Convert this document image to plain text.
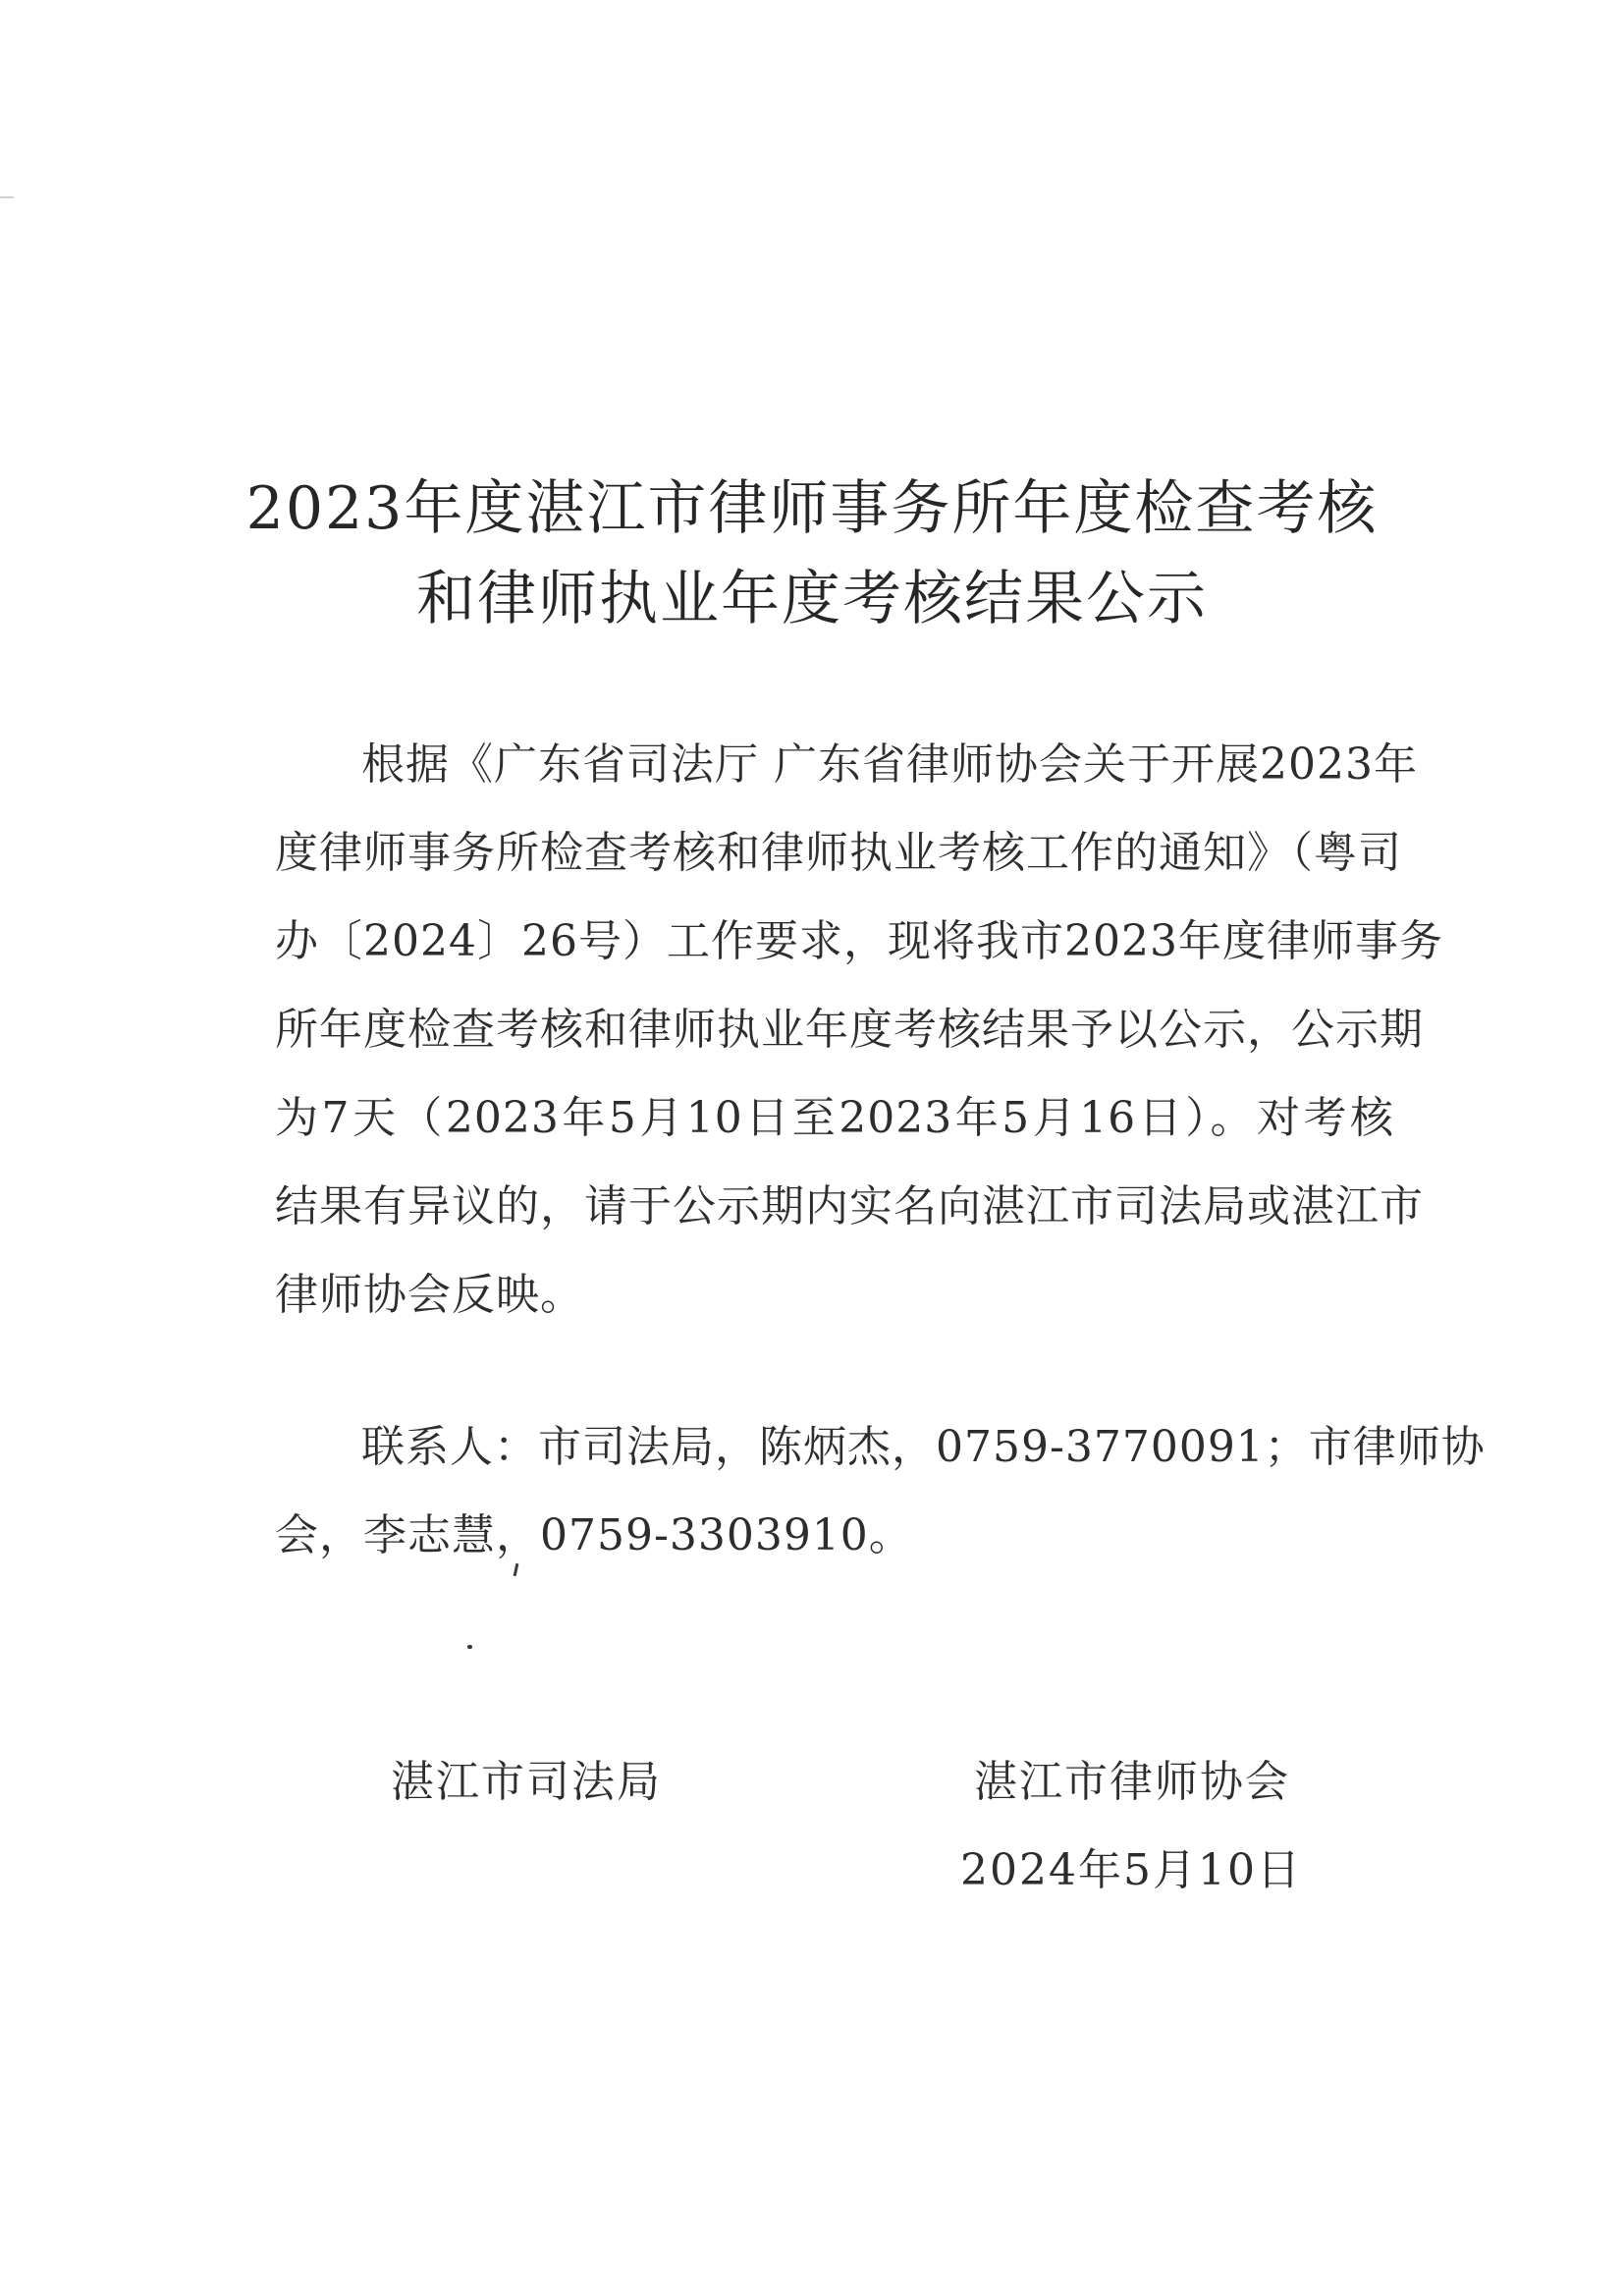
2023年度湛江市律师事务所年度检查考核
和律师执业年度考核结果公示
根据《广东省司法厅 广东省律师协会关于开展2023年
度律师事务所检查考核和律师执业考核工作的通知》（粤司
办〔2024〕26号）工作要求，现将我市2023年度律师事务
所年度检查考核和律师执业年度考核结果予以公示，公示期
为7天（2023年5月10日至2023年5月16日）。对考核
结果有异议的，请于公示期内实名向湛江市司法局或湛江市
律师协会反映。
联系人：市司法局，陈炳杰，0759-3770091；市律师协
会，李志慧，0759-3303910。
湛江市司法局	湛江市律师协会
2024年5月10日
